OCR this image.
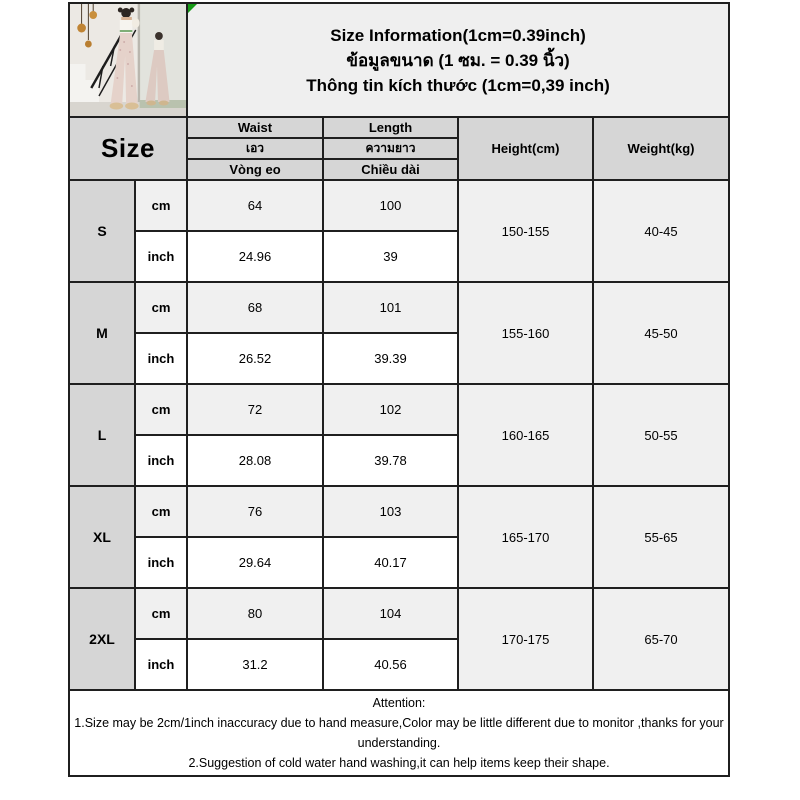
Size Information(1cm=0.39inch)
ข้อมูลขนาด (1 ซม. = 0.39 นิ้ว)
Thông tin kích thước (1cm=0,39 inch)			

Size		Waist	Length	Height(cm)	Weight(kg)
		เอว	ความยาว		
		Vòng eo	Chiều dài		
S	cm	64	100	150-155	40-45
	inch	24.96	39		
M	cm	68	101	155-160	45-50
	inch	26.52	39.39		
L	cm	72	102	160-165	50-55
	inch	28.08	39.78		
XL	cm	76	103	165-170	55-65
	inch	29.64	40.17		
2XL	cm	80	104	170-175	65-70
	inch	31.2	40.56		

Attention:
1.Size may be 2cm/1inch inaccuracy due to hand measure,Color may be little different due to monitor ,thanks for your understanding.
2.Suggestion of cold water hand washing,it can help items keep their shape.					
